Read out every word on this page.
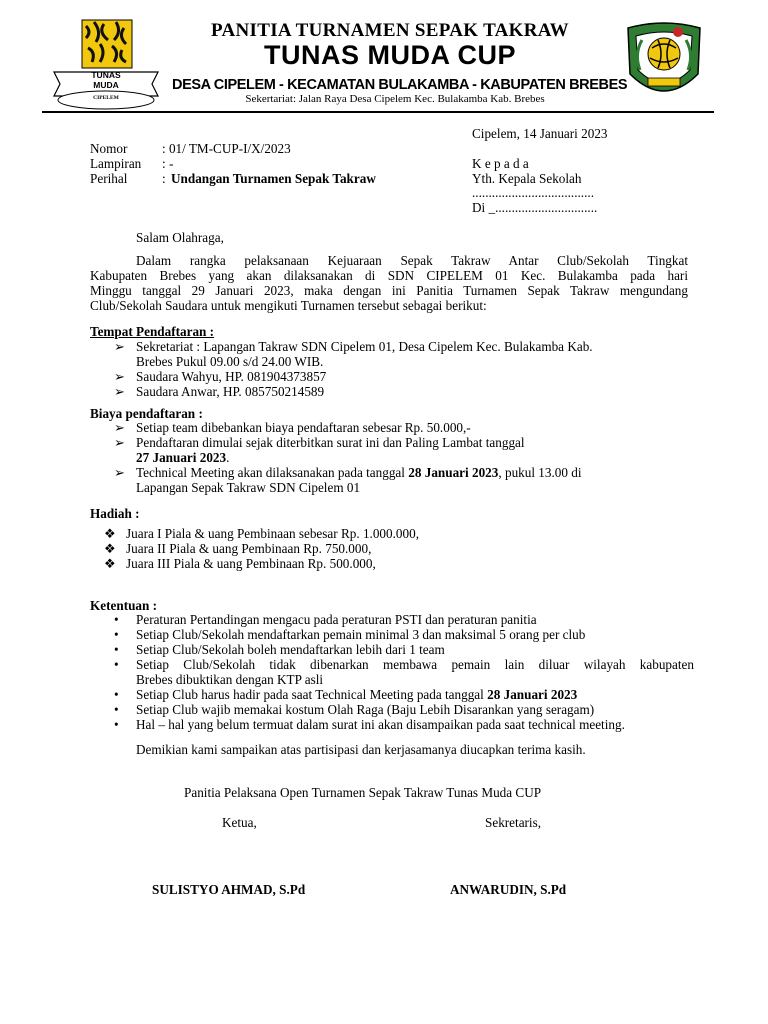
TUNAS
MUDA
CIPELEM
PANITIA TURNAMEN SEPAK TAKRAW
TUNAS MUDA CUP
DESA CIPELEM - KECAMATAN BULAKAMBA - KABUPATEN BREBES
Sekertariat: Jalan Raya Desa Cipelem Kec. Bulakamba Kab. Brebes
Cipelem, 14 Januari 2023
Nomor	: 01/ TM-CUP-I/X/2023
Lampiran : -
Perihal	: Undangan Turnamen Sepak Takraw
K e p a d a
Yth. Kepala Sekolah
.....................................
Di _...............................
Salam Olahraga,
Dalam rangka pelaksanaan Kejuaraan Sepak Takraw Antar Club/Sekolah Tingkat
Kabupaten Brebes yang akan dilaksanakan di SDN CIPELEM 01 Kec. Bulakamba pada hari
Minggu tanggal 29 Januari 2023, maka dengan ini Panitia Turnamen Sepak Takraw mengundang
Club/Sekolah Saudara untuk mengikuti Turnamen tersebut sebagai berikut:
Tempat Pendaftaran :
➢ Sekretariat : Lapangan Takraw SDN Cipelem 01, Desa Cipelem Kec. Bulakamba Kab.
Brebes Pukul 09.00 s/d 24.00 WIB.
➢ Saudara Wahyu, HP. 081904373857
➢ Saudara Anwar, HP. 085750214589
Biaya pendaftaran :
➢ Setiap team dibebankan biaya pendaftaran sebesar Rp. 50.000,-
➢ Pendaftaran dimulai sejak diterbitkan surat ini dan Paling Lambat tanggal
27 Januari 2023.
➢ Technical Meeting akan dilaksanakan pada tanggal 28 Januari 2023, pukul 13.00 di
Lapangan Sepak Takraw SDN Cipelem 01
Hadiah :
❖ Juara I Piala & uang Pembinaan sebesar Rp. 1.000.000,
❖ Juara II Piala & uang Pembinaan Rp. 750.000,
❖ Juara III Piala & uang Pembinaan Rp. 500.000,
Ketentuan :
•	Peraturan Pertandingan mengacu pada peraturan PSTI dan peraturan panitia
•	Setiap Club/Sekolah mendaftarkan pemain minimal 3 dan maksimal 5 orang per club
•	Setiap Club/Sekolah boleh mendaftarkan lebih dari 1 team
•	Setiap Club/Sekolah tidak dibenarkan membawa pemain lain diluar wilayah kabupaten
Brebes dibuktikan dengan KTP asli
•	Setiap Club harus hadir pada saat Technical Meeting pada tanggal 28 Januari 2023
•	Setiap Club wajib memakai kostum Olah Raga (Baju Lebih Disarankan yang seragam)
•	Hal – hal yang belum termuat dalam surat ini akan disampaikan pada saat technical meeting.
Demikian kami sampaikan atas partisipasi dan kerjasamanya diucapkan terima kasih.
Panitia Pelaksana Open Turnamen Sepak Takraw Tunas Muda CUP
Ketua,	Sekretaris,
SULISTYO AHMAD, S.Pd	ANWARUDIN, S.Pd
